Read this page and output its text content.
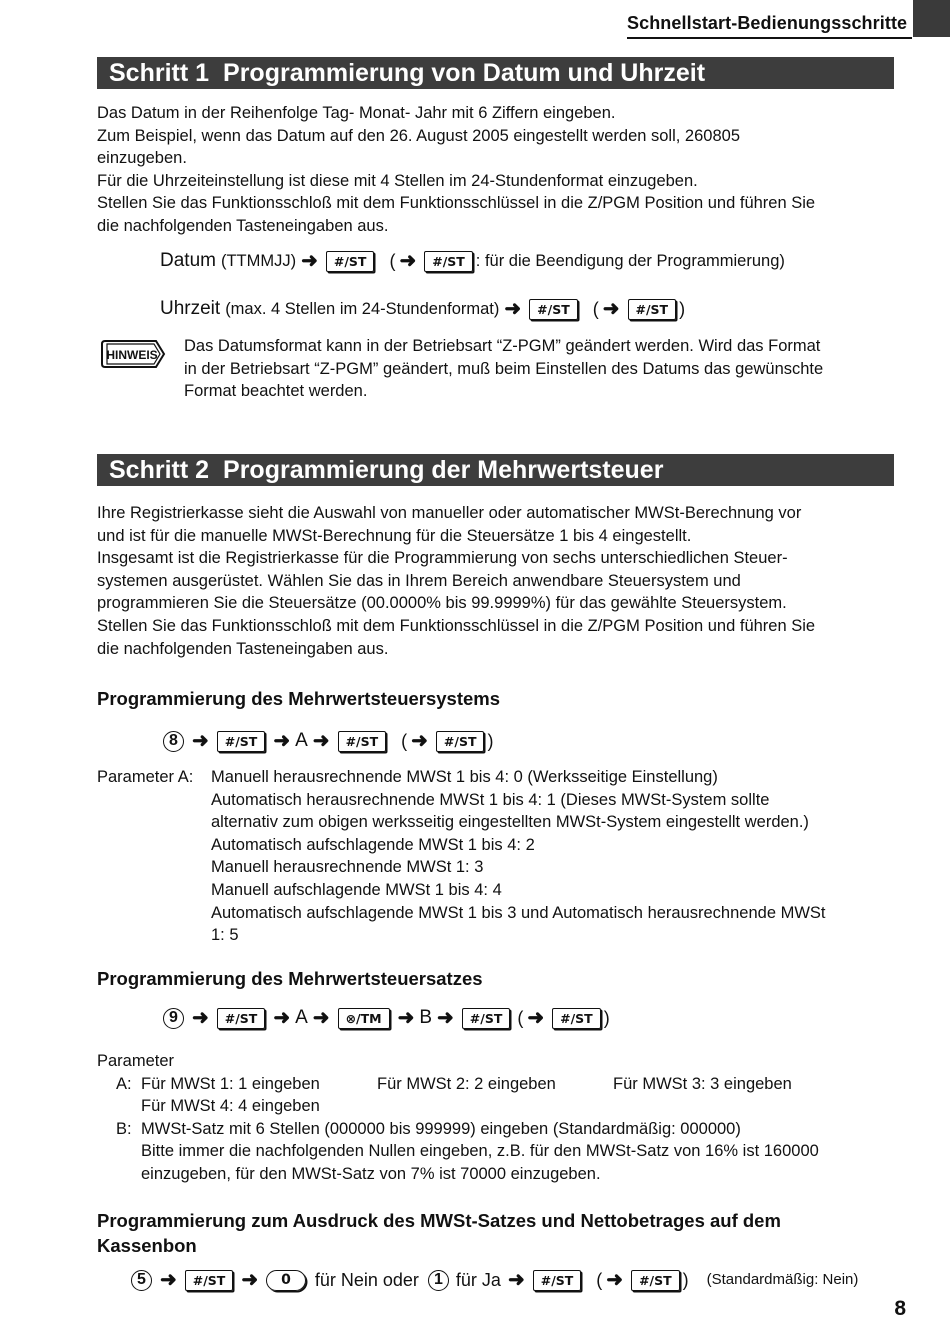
Schnellstart-Bedienungsschritte
Schritt 1 Programmierung von Datum und Uhrzeit
Das Datum in der Reihenfolge Tag- Monat- Jahr mit 6 Ziffern eingeben.
Zum Beispiel, wenn das Datum auf den 26. August 2005 eingestellt werden soll, 260805
einzugeben.
Für die Uhrzeiteinstellung ist diese mit 4 Stellen im 24-Stundenformat einzugeben.
Stellen Sie das Funktionsschloß mit dem Funktionsschlüssel in die Z/PGM Position und führen Sie
die nachfolgenden Tasteneingaben aus.
Datum (TTMMJJ) ➜	#/ST	( ➜	#/ST : für die Beendigung der Programmierung)
Uhrzeit (max. 4 Stellen im 24-Stundenformat) ➜	#/ST	( ➜	#/ST )
HINWEIS Das Datumsformat kann in der Betriebsart “Z-PGM” geändert werden. Wird das Format
in der Betriebsart “Z-PGM” geändert, muß beim Einstellen des Datums das gewünschte
Format beachtet werden.
Schritt 2 Programmierung der Mehrwertsteuer
Ihre Registrierkasse sieht die Auswahl von manueller oder automatischer MWSt-Berechnung vor
und ist für die manuelle MWSt-Berechnung für die Steuersätze 1 bis 4 eingestellt.
Insgesamt ist die Registrierkasse für die Programmierung von sechs unterschiedlichen Steuer-
systemen ausgerüstet. Wählen Sie das in Ihrem Bereich anwendbare Steuersystem und
programmieren Sie die Steuersätze (00.0000% bis 99.9999%) für das gewählte Steuersystem.
Stellen Sie das Funktionsschloß mit dem Funktionsschlüssel in die Z/PGM Position und führen Sie
die nachfolgenden Tasteneingaben aus.
Programmierung des Mehrwertsteuersystems
8 ➜	#/ST ➜ A ➜	#/ST	( ➜	#/ST )
Parameter A: Manuell herausrechnende MWSt 1 bis 4: 0 (Werksseitige Einstellung)
Automatisch herausrechnende MWSt 1 bis 4: 1 (Dieses MWSt-System sollte
alternativ zum obigen werksseitig eingestellten MWSt-System eingestellt werden.)
Automatisch aufschlagende MWSt 1 bis 4: 2
Manuell herausrechnende MWSt 1: 3
Manuell aufschlagende MWSt 1 bis 4: 4
Automatisch aufschlagende MWSt 1 bis 3 und Automatisch herausrechnende MWSt
1: 5
Programmierung des Mehrwertsteuersatzes
9 ➜	#/ST ➜ A ➜	⊗/TM ➜ B ➜	#/ST ( ➜	#/ST )
Parameter
A: Für MWSt 1: 1 eingeben	Für MWSt 2: 2 eingeben	Für MWSt 3: 3 eingeben
Für MWSt 4: 4 eingeben
B: MWSt-Satz mit 6 Stellen (000000 bis 999999) eingeben (Standardmäßig: 000000)
Bitte immer die nachfolgenden Nullen eingeben, z.B. für den MWSt-Satz von 16% ist 160000
einzugeben, für den MWSt-Satz von 7% ist 70000 einzugeben.
Programmierung zum Ausdruck des MWSt-Satzes und Nettobetrages auf dem
Kassenbon
5 ➜	#/ST ➜	0	für Nein oder 1 für Ja ➜	#/ST	( ➜	#/ST ) (Standardmäßig: Nein)
8
